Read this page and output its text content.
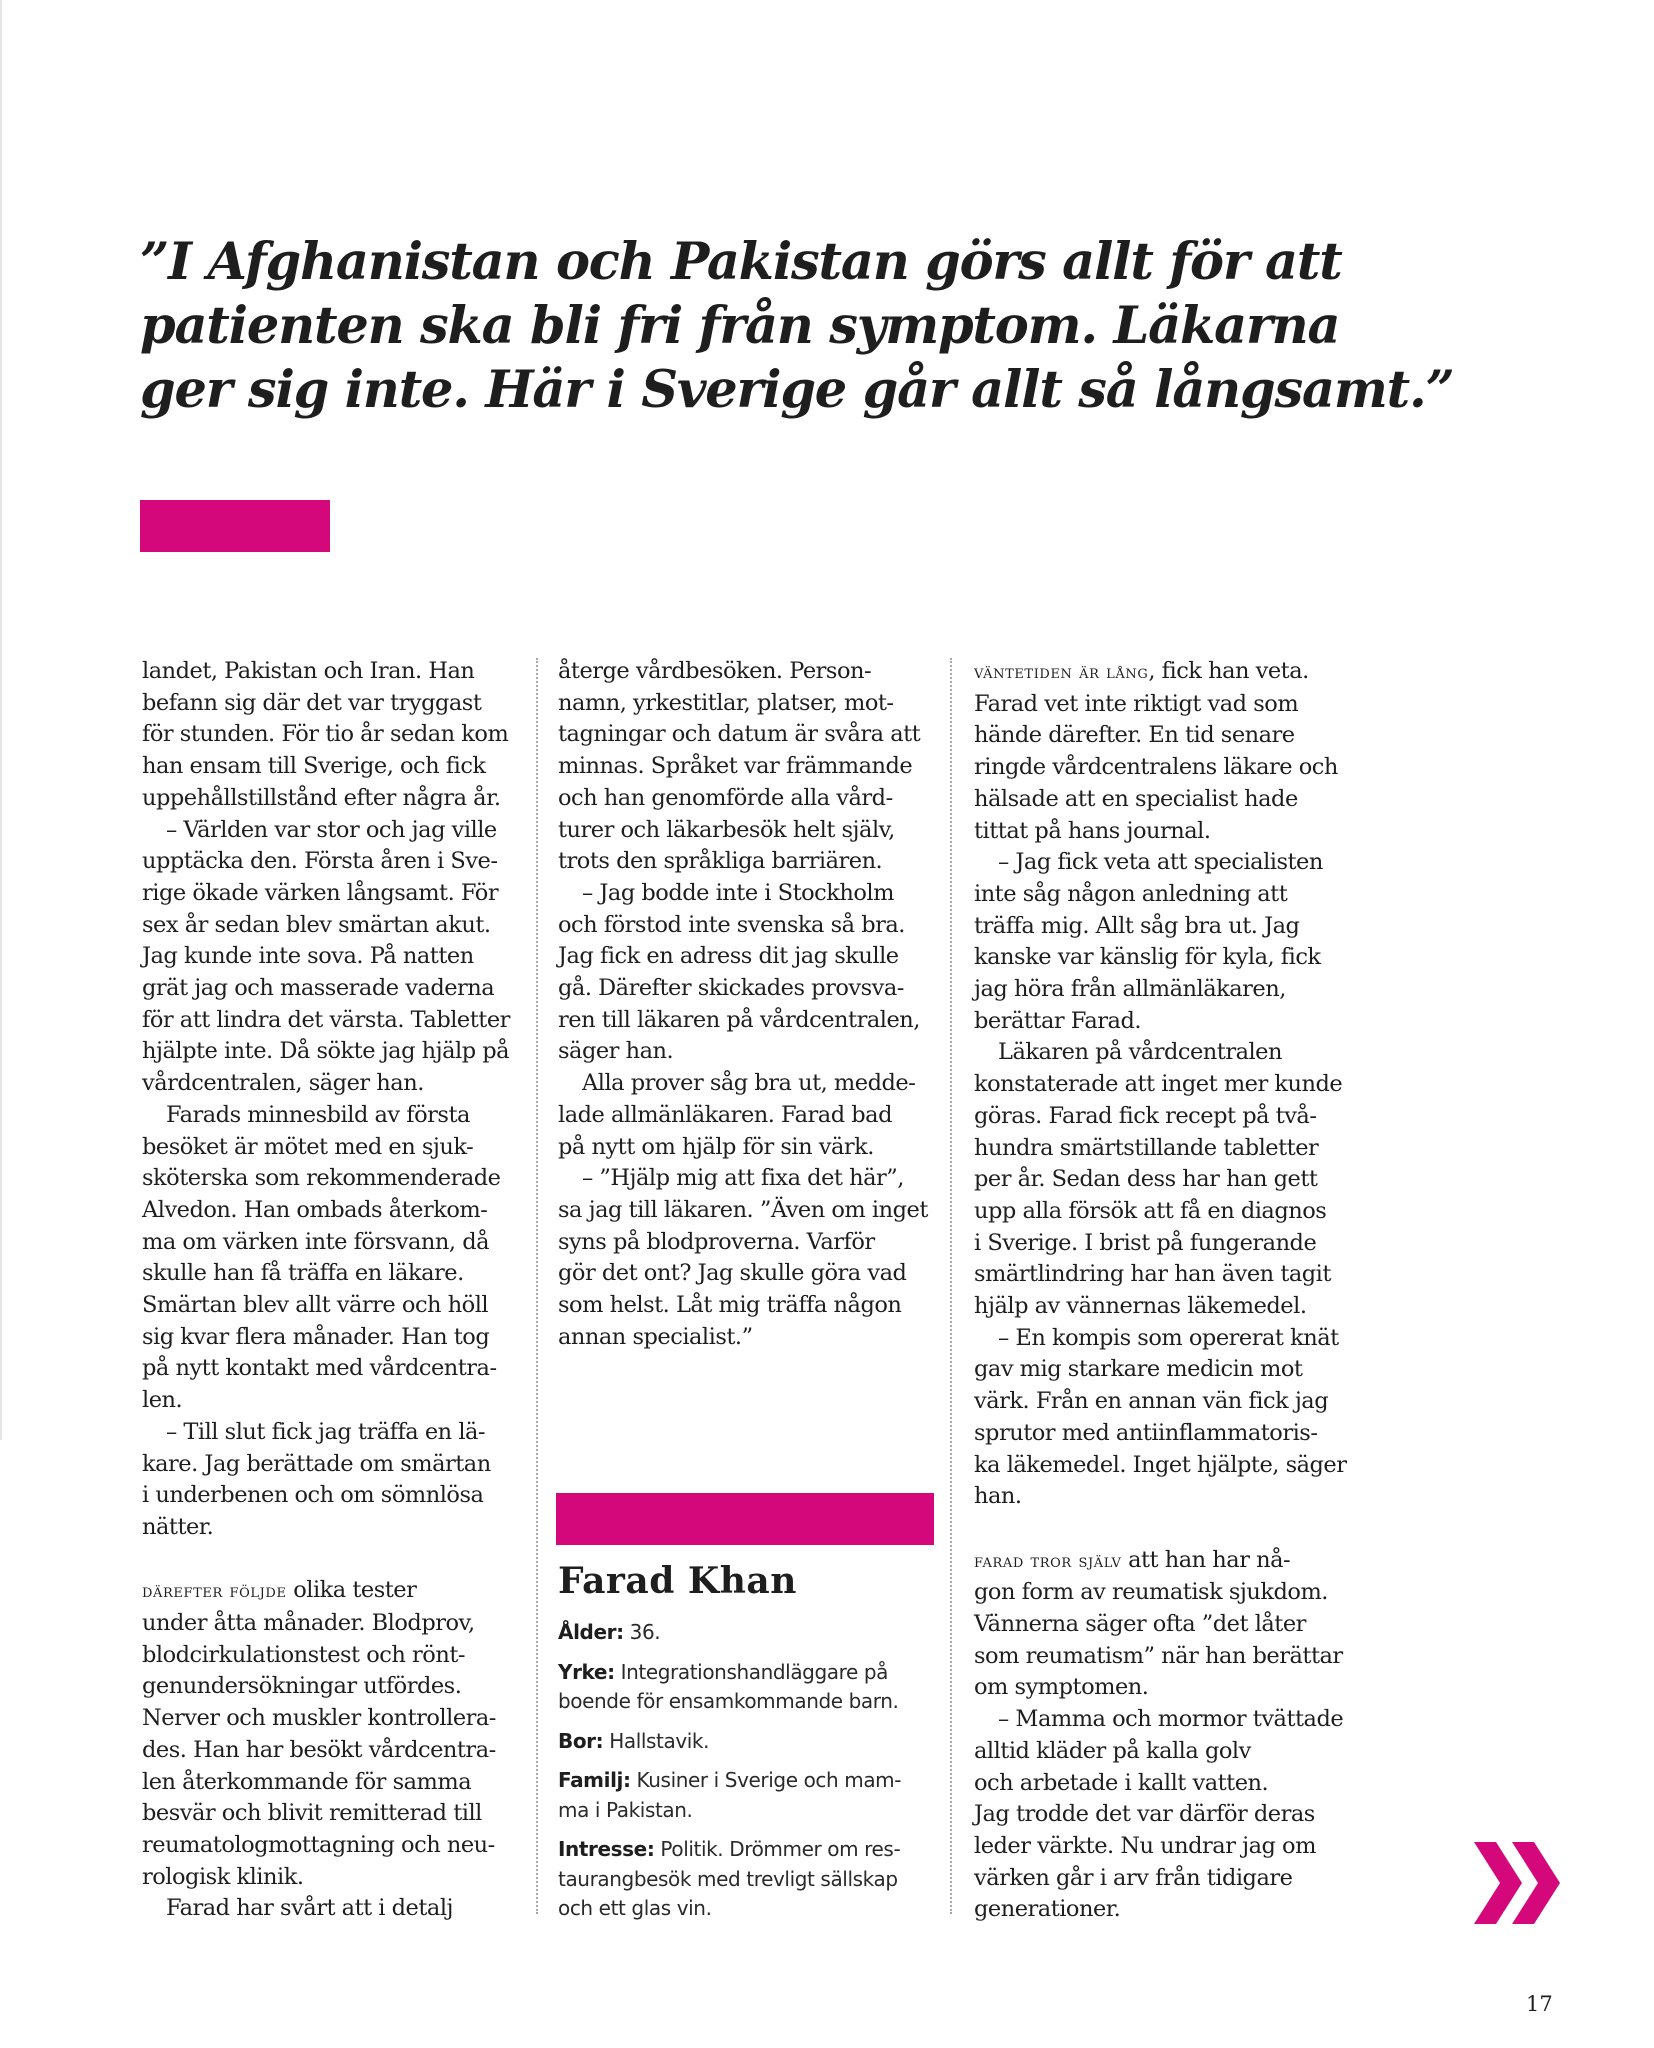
”I Afghanistan och Pakistan görs allt för att
patienten ska bli fri från symptom. Läkarna
ger sig inte. Här i Sverige går allt så långsamt.”
landet, Pakistan och Iran. Han
befann sig där det var tryggast
för stunden. För tio år sedan kom
han ensam till Sverige, och fick
uppehållstillstånd efter några år.
– Världen var stor och jag ville
upptäcka den. Första åren i Sve-
rige ökade värken långsamt. För
sex år sedan blev smärtan akut.
Jag kunde inte sova. På natten
grät jag och masserade vaderna
för att lindra det värsta. Tabletter
hjälpte inte. Då sökte jag hjälp på
vårdcentralen, säger han.
Farads minnesbild av första
besöket är mötet med en sjuk-
sköterska som rekommenderade
Alvedon. Han ombads återkom-
ma om värken inte försvann, då
skulle han få träffa en läkare.
Smärtan blev allt värre och höll
sig kvar flera månader. Han tog
på nytt kontakt med vårdcentra-
len.
– Till slut fick jag träffa en lä-
kare. Jag berättade om smärtan
i underbenen och om sömnlösa
nätter.
därefter följde olika tester
under åtta månader. Blodprov,
blodcirkulationstest och rönt-
genundersökningar utfördes.
Nerver och muskler kontrollera-
des. Han har besökt vårdcentra-
len återkommande för samma
besvär och blivit remitterad till
reumatologmottagning och neu-
rologisk klinik.
Farad har svårt att i detalj
återge vårdbesöken. Person-
namn, yrkestitlar, platser, mot-
tagningar och datum är svåra att
minnas. Språket var främmande
och han genomförde alla vård-
turer och läkarbesök helt själv,
trots den språkliga barriären.
– Jag bodde inte i Stockholm
och förstod inte svenska så bra.
Jag fick en adress dit jag skulle
gå. Därefter skickades provsva-
ren till läkaren på vårdcentralen,
säger han.
Alla prover såg bra ut, medde-
lade allmänläkaren. Farad bad
på nytt om hjälp för sin värk.
– ”Hjälp mig att fixa det här”,
sa jag till läkaren. ”Även om inget
syns på blodproverna. Varför
gör det ont? Jag skulle göra vad
som helst. Låt mig träffa någon
annan specialist.”
Farad Khan
Ålder: 36.
Yrke: Integrationshandläggare på
boende för ensamkommande barn.
Bor: Hallstavik.
Familj: Kusiner i Sverige och mam-
ma i Pakistan.
Intresse: Politik. Drömmer om res-
taurangbesök med trevligt sällskap
och ett glas vin.
väntetiden är lång, fick han veta.
Farad vet inte riktigt vad som
hände därefter. En tid senare
ringde vårdcentralens läkare och
hälsade att en specialist hade
tittat på hans journal.
– Jag fick veta att specialisten
inte såg någon anledning att
träffa mig. Allt såg bra ut. Jag
kanske var känslig för kyla, fick
jag höra från allmänläkaren,
berättar Farad.
Läkaren på vårdcentralen
konstaterade att inget mer kunde
göras. Farad fick recept på två-
hundra smärtstillande tabletter
per år. Sedan dess har han gett
upp alla försök att få en diagnos
i Sverige. I brist på fungerande
smärtlindring har han även tagit
hjälp av vännernas läkemedel.
– En kompis som opererat knät
gav mig starkare medicin mot
värk. Från en annan vän fick jag
sprutor med antiinflammatoris-
ka läkemedel. Inget hjälpte, säger
han.
farad tror själv att han har nå-
gon form av reumatisk sjukdom.
Vännerna säger ofta ”det låter
som reumatism” när han berättar
om symptomen.
– Mamma och mormor tvättade
alltid kläder på kalla golv
och arbetade i kallt vatten.
Jag trodde det var därför deras
leder värkte. Nu undrar jag om
värken går i arv från tidigare
generationer.
17
